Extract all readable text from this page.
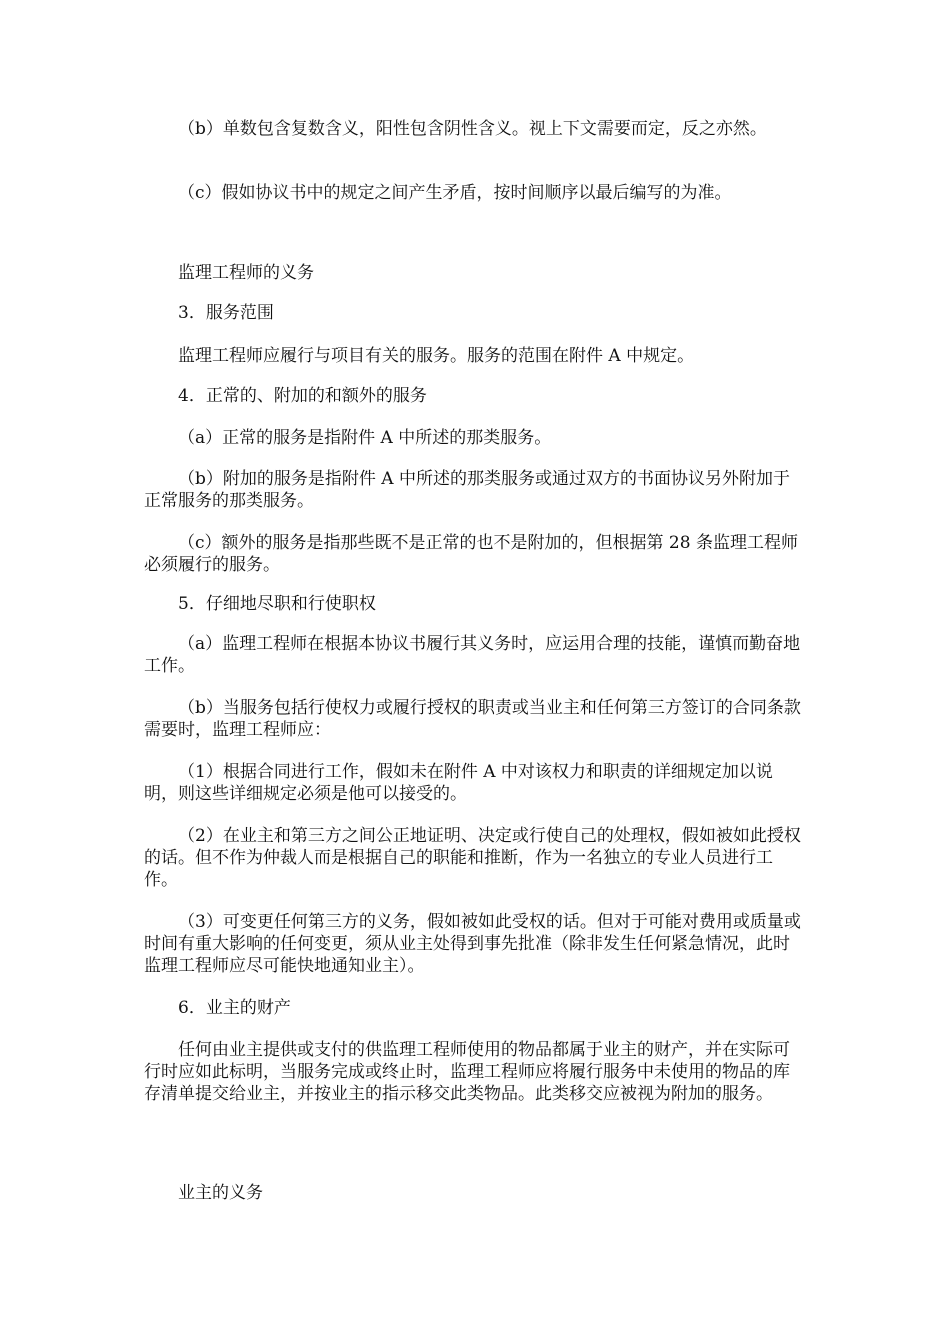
（b）单数包含复数含义，阳性包含阴性含义。视上下文需要而定，反之亦然。

（c）假如协议书中的规定之间产生矛盾，按时间顺序以最后编写的为准。

监理工程师的义务

3．服务范围

监理工程师应履行与项目有关的服务。服务的范围在附件 A 中规定。

4．正常的、附加的和额外的服务

（a）正常的服务是指附件 A 中所述的那类服务。

（b）附加的服务是指附件 A 中所述的那类服务或通过双方的书面协议另外附加于正常服务的那类服务。

（c）额外的服务是指那些既不是正常的也不是附加的，但根据第 28 条监理工程师必须履行的服务。

5．仔细地尽职和行使职权

（a）监理工程师在根据本协议书履行其义务时，应运用合理的技能，谨慎而勤奋地工作。

（b）当服务包括行使权力或履行授权的职责或当业主和任何第三方签订的合同条款需要时，监理工程师应：

（1）根据合同进行工作，假如未在附件 A 中对该权力和职责的详细规定加以说明，则这些详细规定必须是他可以接受的。

（2）在业主和第三方之间公正地证明、决定或行使自己的处理权，假如被如此授权的话。但不作为仲裁人而是根据自己的职能和推断，作为一名独立的专业人员进行工作。

（3）可变更任何第三方的义务，假如被如此受权的话。但对于可能对费用或质量或时间有重大影响的任何变更，须从业主处得到事先批准（除非发生任何紧急情况，此时监理工程师应尽可能快地通知业主）。

6．业主的财产

任何由业主提供或支付的供监理工程师使用的物品都属于业主的财产，并在实际可行时应如此标明，当服务完成或终止时，监理工程师应将履行服务中未使用的物品的库存清单提交给业主，并按业主的指示移交此类物品。此类移交应被视为附加的服务。

业主的义务
